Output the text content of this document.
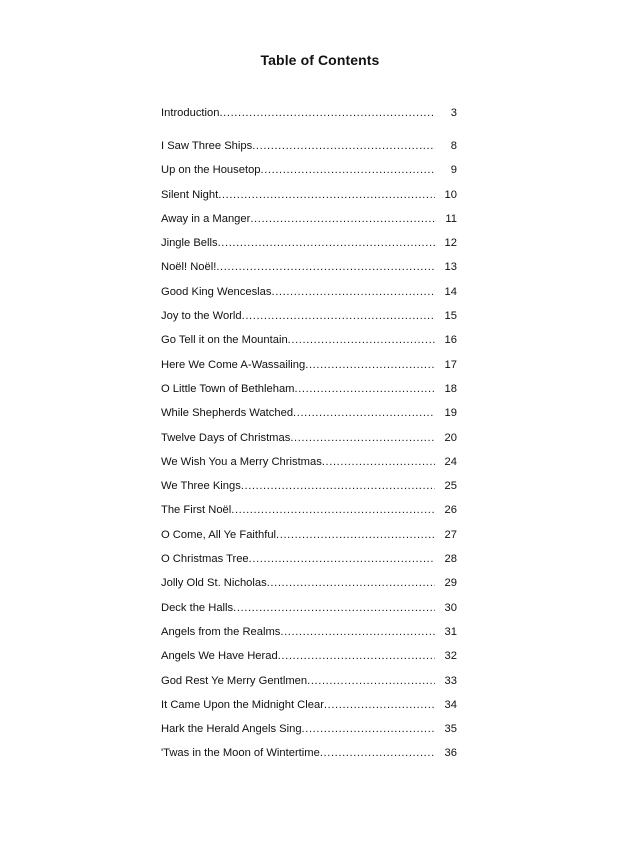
Table of Contents
Introduction .....	3
I Saw Three Ships .....	8
Up on the Housetop .....	9
Silent Night .....	10
Away in a Manger .....	11
Jingle Bells .....	12
Noël! Noël! .....	13
Good King Wenceslas .....	14
Joy to the World .....	15
Go Tell it on the Mountain .....	16
Here We Come A-Wassailing .....	17
O Little Town of Bethleham .....	18
While Shepherds Watched .....	19
Twelve Days of Christmas .....	20
We Wish You a Merry Christmas .....	24
We Three Kings .....	25
The First Noël .....	26
O Come, All Ye Faithful .....	27
O Christmas Tree .....	28
Jolly Old St. Nicholas .....	29
Deck the Halls .....	30
Angels from the Realms .....	31
Angels We Have Herad .....	32
God Rest Ye Merry Gentlmen .....	33
It Came Upon the Midnight Clear .....	34
Hark the Herald Angels Sing .....	35
'Twas in the Moon of Wintertime .....	36
